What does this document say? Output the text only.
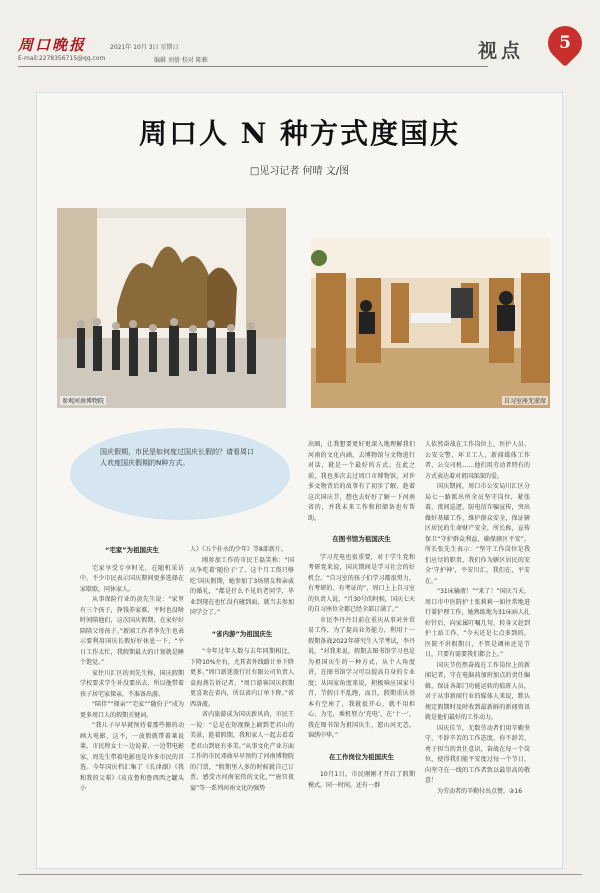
周口晚报	2021年 10月 3日 星期日
E-mail:2278356715@qq.com	编辑 刘倩 校对 陈雅	视点	5
周口人 N 种方式度国庆
□见习记者 何晴 文/图
参观河南博物院	自习室座无虚席
国庆假期，市民是如何度过国庆长假的？请看周口人欢度国庆假期的N种方式。
“宅家”为祖国庆生

宅家享受专享时光，在随机采访中，不少市民表示国庆期间更多选择在家歇歇，同休家人。

从事保险行业的黄先生说：“家里有三个孩子，挣钱养家难，平时也没啥时间陪他们，这次国庆假期，在家好好陪陪父母孩子。”新闻工作者李先生也表示要利用国庆长假好好休息一下，“平日工作太忙，我假期最大的计划就是睡个饱觉。”

家住川汇区的刘先生称，国庆假期学校要求学生补没要出去，所以他带着孩子居宅家探亲，不准备出游。

“陪伴”“探亲”“宅家”“随份子”成为更多周口人的假期关键词。

“我儿子早早就预待着那些俯的动画大电影，这不，一放假就带着莱说莱，市民程女士一边说着，一边带电影家，周先生带着电影也是许多市民的首选。今年国庆档汇集了《长津湖》《我和我的父辈》《皮皮鲁和鲁西西之罐头小

人》《五个扑水的少年》等8部新片。

刚参加工作的市民王磊笑称：“国庆争吃着‘随份子’了，这个月工资只够吃‘国庆假期，她参加了3场朋友和亲戚的婚礼，“都是什么不见的老同学，毕业到现在也忙没有碰到面，就当去参加同学会了。”

“省内游”为祖国庆生

“今年过年人数与去年同期相比，下降10%左右，尤其省外线路计单下降更多。”周口新迷旅行社有限公司负责人袁海燕告诉记者，“周口游客国庆假期更喜欢在省内，所以省内订单下降。”省西洛流。

省内旅游成为国庆新风尚，市民王一说：“总是在短视频上刷到老君山的美景，趁着假期，我和家人一起去看看老君山到底有多美。”从事文化产业方面工作的市民邓曲早早预约了河南博物院的门票，“假期里人多的时候就自己订票，感受古河南宏伟的文化，”“唐宫夜宴”等一系列河南文化的强势

出圈，让我想要更好更深入地理解我们河南的文化内涵，去博物馆与文物进行对话，就是一个最好的方式。在此之前，我也多次去过周口市博物馆，对许多文物背后的故事有了初步了解，趁着这次国庆节，想也去好好了解一下河南省的，并我未来工作和积储备也有帮助。

在图书馆为祖国庆生

学习充电也很重要，对于学生党和考研党来说，国庆期间是学习社会的好机会。“自习室的孩子们学习都很努力，有考研的、有考证的”，周口上上自习室的负责人说，“月30号的时候，国庆七天的自习座位全都已经全部订满了。”

市民李丹丹目前在重庆从事对外贸易工作，为了提高业务能力，利用十一假期备战2022年研究生入学考试，李丹说，“对我来说，假期去图书馆学习也是为祖国庆生的一种方式，从个人角度讲，在图书馆学习可以提高自身的专业度；从国家角度来说，积极响应国家号召，节假日不乱跑，而且，假期重庆基本有空座了，我就很开心，就不用担心、为宅，乘机努力‘充电’，在‘十一’，我在图书馆为祖国庆生，愿山河无恙，锦绣中华。”

在工作岗位为祖国庆生

10月1日，市民刚刚才开启了假期模式，同一时间，还有一群

人依然奋战在工作岗位上，医护人员、公安交警、环卫工人、新闻媒体工作者、公交司机……他们用劳动者特有的方式表达着对祖国深深的爱。

国庆期间，周口市公安局川汇区分局七一路派出所全员坚守岗位，紧张着，夜间巡逻，防电信诈骗宣传，突出做好基础工作，维护群众安全，保证辖区居民的生命财产安全，所长称，宣传保卫“守护群众利益，确保辖区平安”。所长张先生表示：“坚守工作岗位是我们应尽的职责，我们作为辖区居民的安全‘守护神’，平安川汇，我们在，平安在。”

“31床输液！”“来了！”国庆当天，周口市中医院护士张莉莉一如往常地进行着护理工作，她熟练地为31床病人扎好针后，向家属叮嘱几句，转身又赶到护士站工作，“今天还是七点多到的，医院不讲假期日，不管是调休还是节日，只要有需要我们都会上。”

国庆节仍然奋战在工作岗位上的新闻记者，守在电脑前加班加点的责任编辑，保证各部门功能运转的值班人员，对于从事新闻行业的媒体人来说，默认规定假期时及时收到最新鲜的新闻资讯就是他们最好的工作动力。

国庆佳节，无数劳动者们用辛勤坚守，不辞辛苦的工作态度，你不辞苦，勇于担当的责任意识，奋战在每一个岗位，使得我们能平安度过每一个节日，向坚守在一线的工作者致以最崇高的敬意！

为劳动者的辛勤付出点赞。②16
